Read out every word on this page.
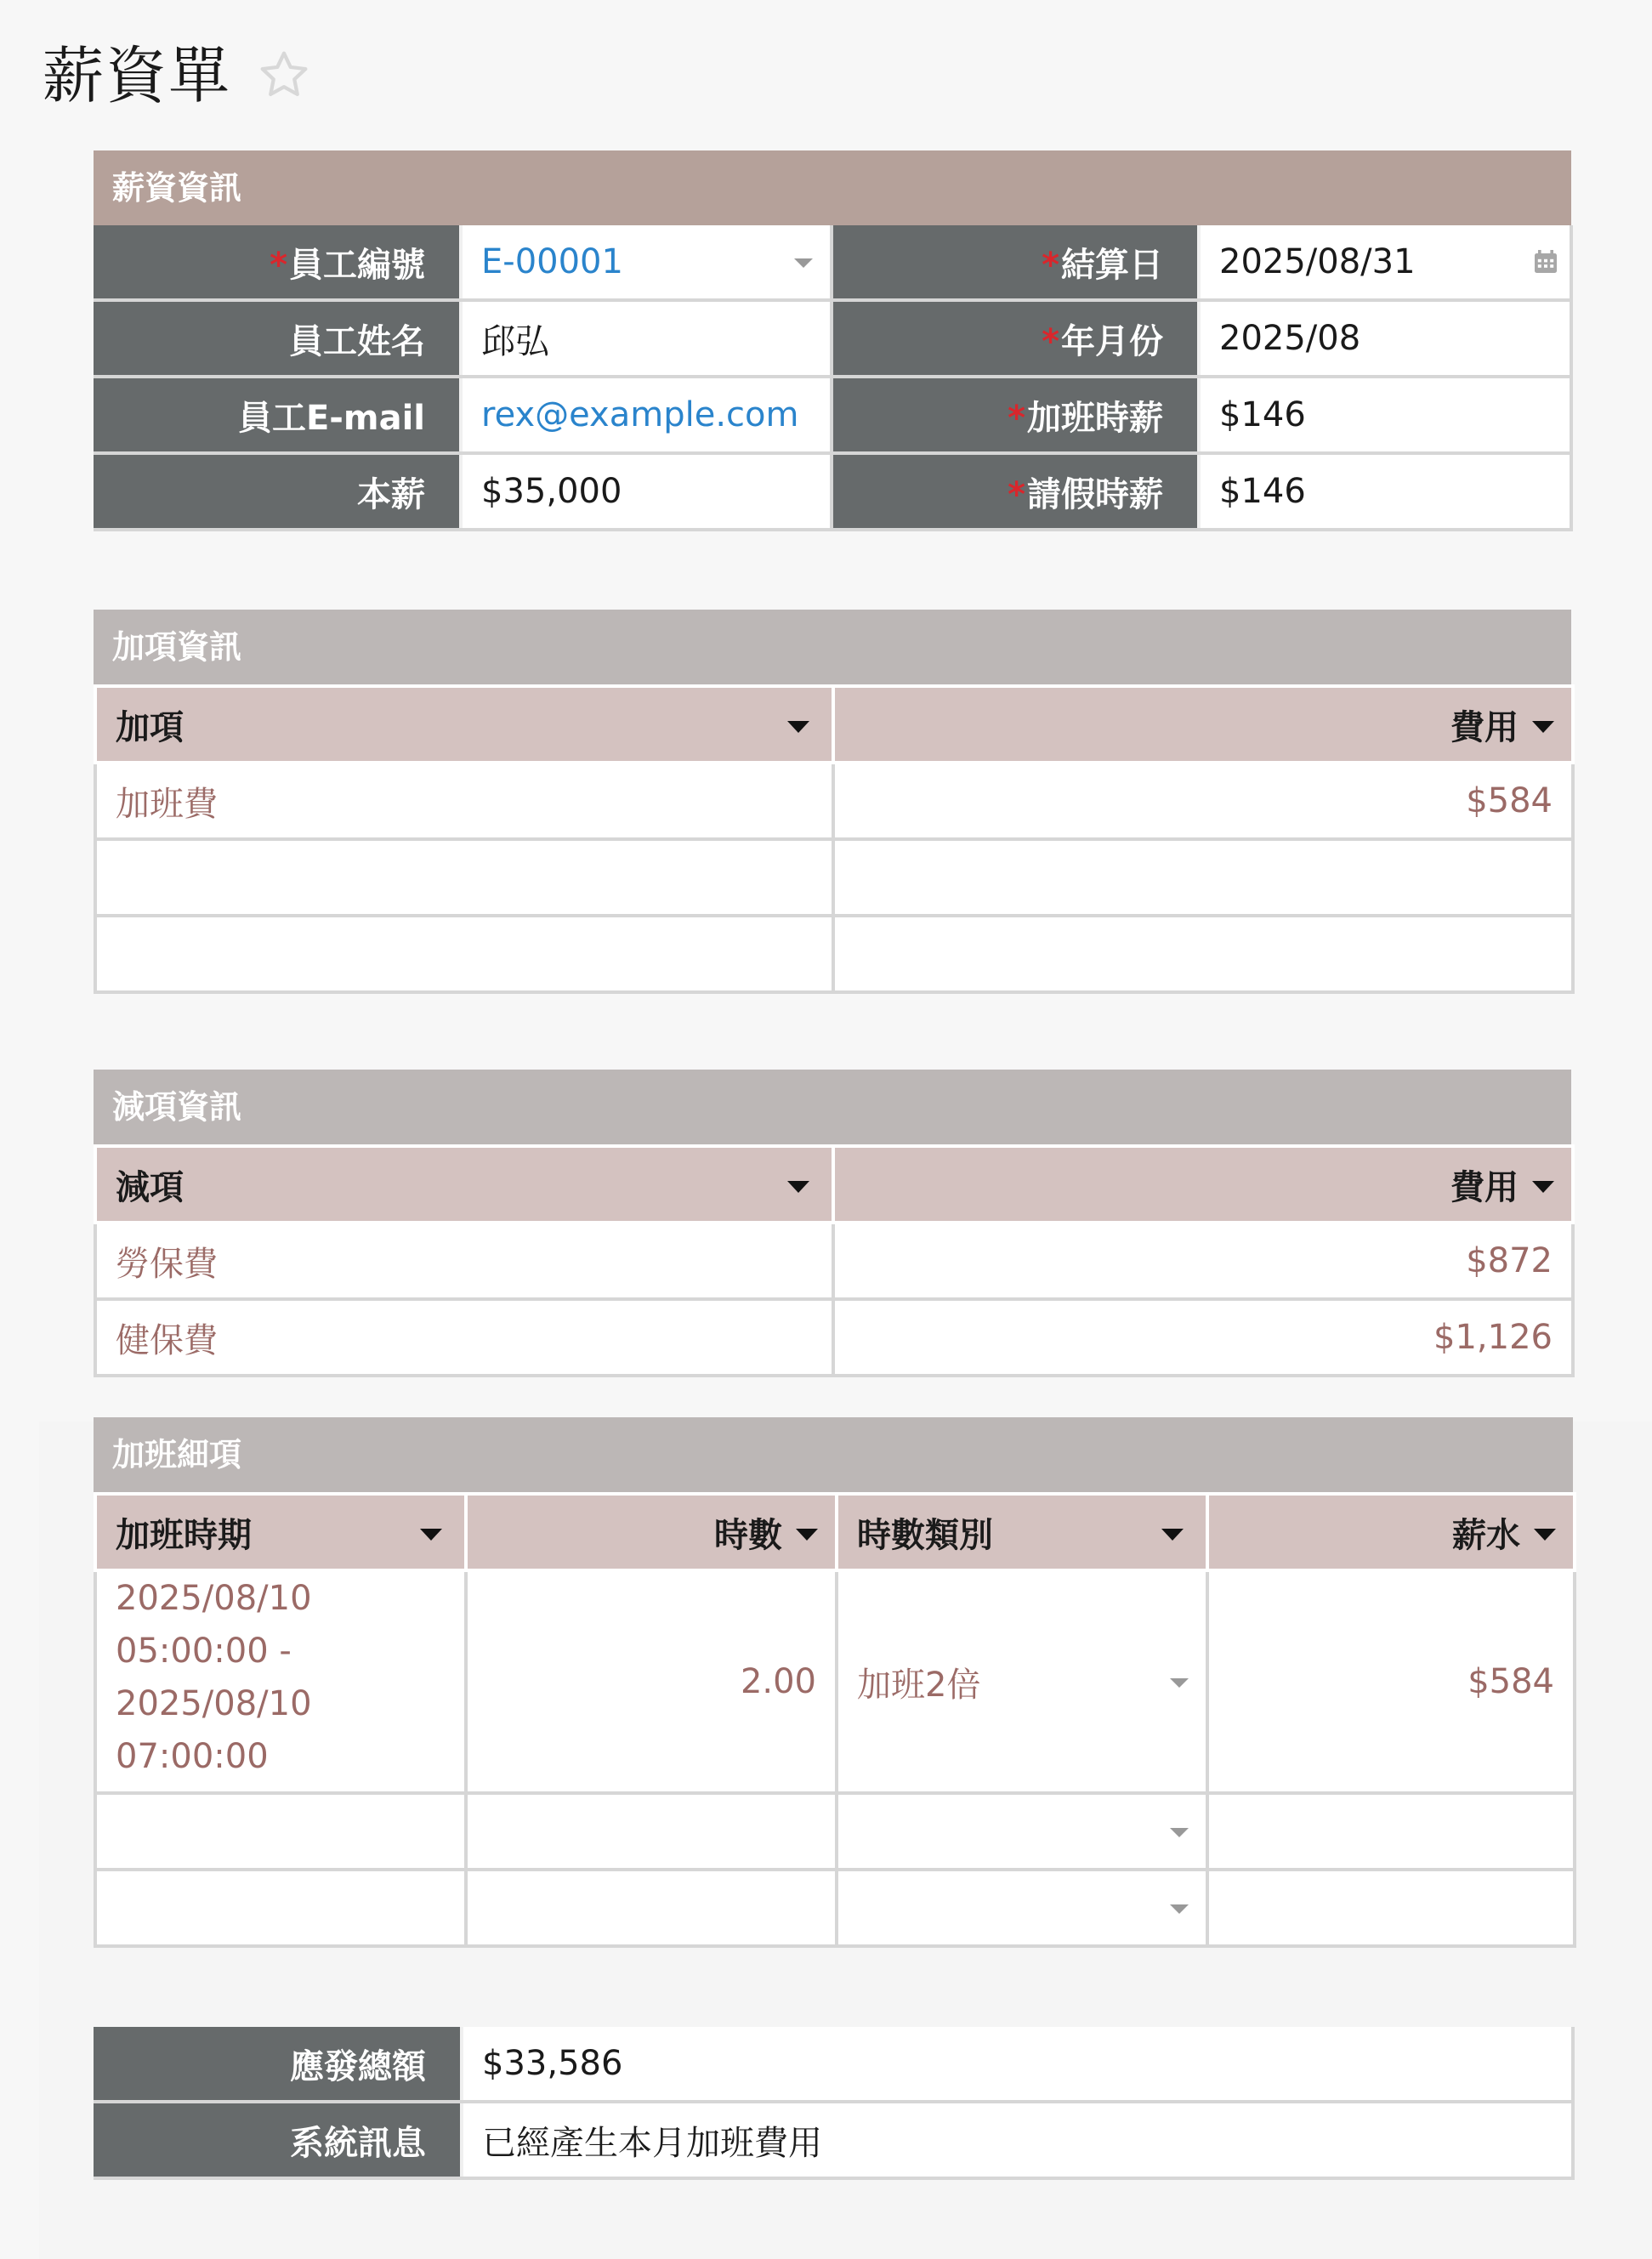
薪資單
薪資資訊
*員工編號	E-00001	*結算日	2025/08/31

員工姓名	邱弘	*年月份	2025/08
員工E-mail	rex@example.com	*加班時薪	$146
本薪	$35,000	*請假時薪	$146
加項資訊
加項	費用

加班費	$584

減項資訊
減項	費用

勞保費	$872
健保費	$1,126
加班細項
加班時期	時數	時數類別	薪水

2025/08/10
05:00:00 -
2025/08/10
07:00:00	2.00	加班2倍	$584

應發總額	$33,586
系統訊息	已經產生本月加班費用
